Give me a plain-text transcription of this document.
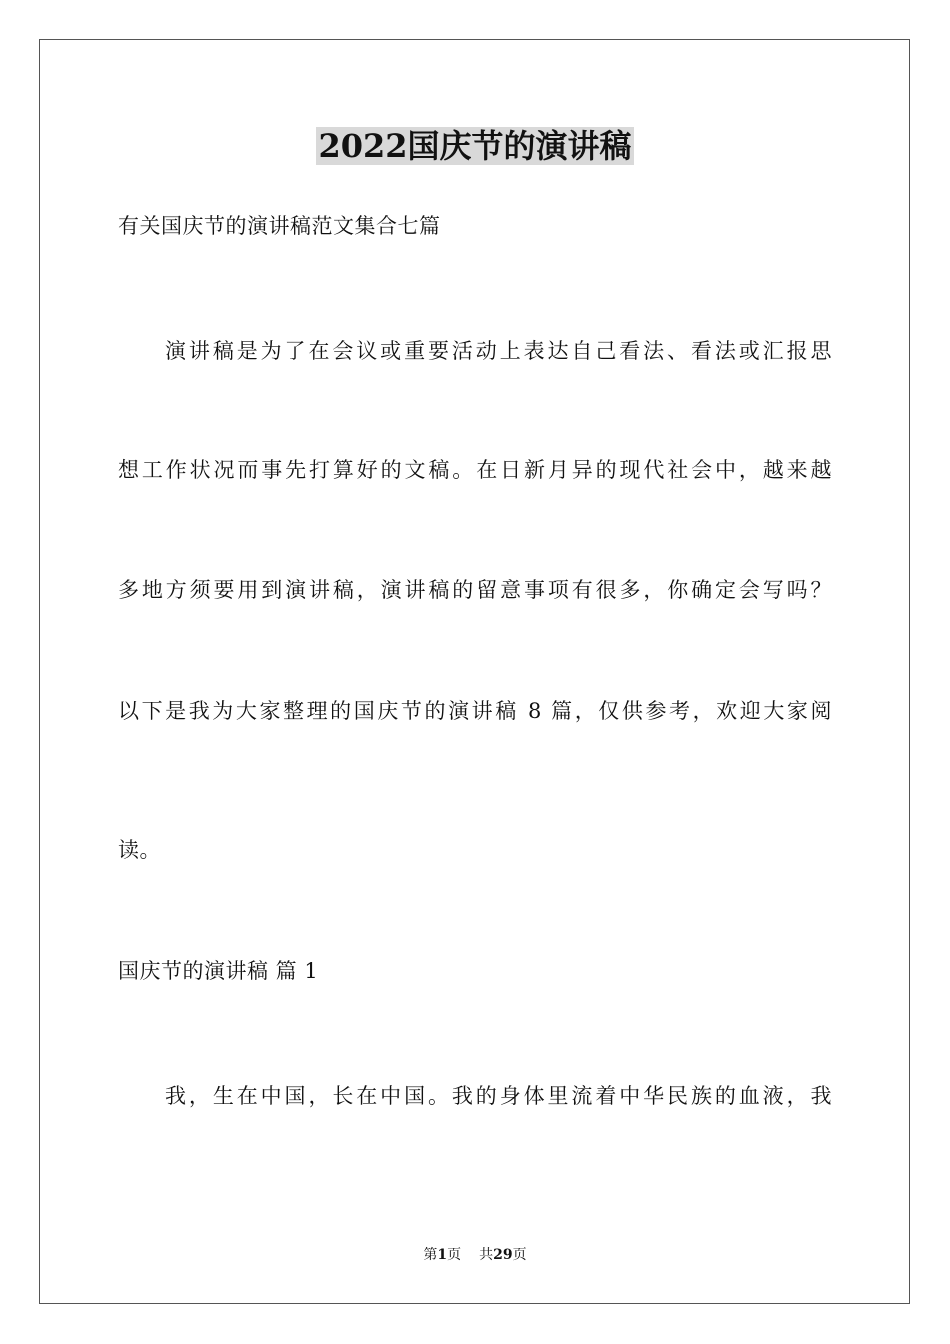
2022国庆节的演讲稿
有关国庆节的演讲稿范文集合七篇
演讲稿是为了在会议或重要活动上表达自己看法、看法或汇报思
想工作状况而事先打算好的文稿。在日新月异的现代社会中，越来越
多地方须要用到演讲稿，演讲稿的留意事项有很多，你确定会写吗？
以下是我为大家整理的国庆节的演讲稿 8 篇，仅供参考，欢迎大家阅
读。
国庆节的演讲稿 篇 1
我，生在中国，长在中国。我的身体里流着中华民族的血液，我
第1页 共29页
